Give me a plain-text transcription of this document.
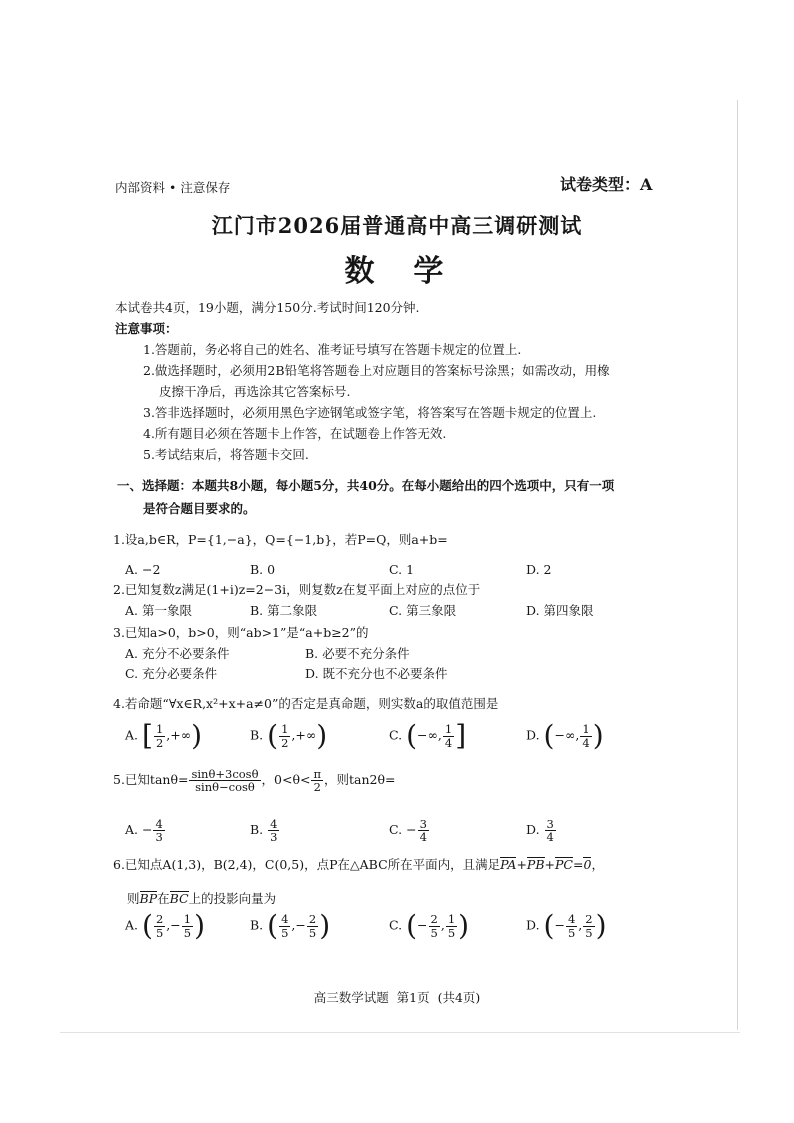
内部资料 • 注意保存	试卷类型：A
江门市2026届普通高中高三调研测试
数  学
本试卷共4页，19小题，满分150分.考试时间120分钟.
注意事项：
1.答题前，务必将自己的姓名、准考证号填写在答题卡规定的位置上.
2.做选择题时，必须用2B铅笔将答题卷上对应题目的答案标号涂黑；如需改动，用橡
皮擦干净后，再选涂其它答案标号.
3.答非选择题时，必须用黑色字迹钢笔或签字笔，将答案写在答题卡规定的位置上.
4.所有题目必须在答题卡上作答，在试题卷上作答无效.
5.考试结束后，将答题卡交回.
一、选择题：本题共8小题，每小题5分，共40分。在每小题给出的四个选项中，只有一项
是符合题目要求的。
1.设a,b∈R，P={1,−a}，Q={−1,b}，若P=Q，则a+b=
A. −2	B. 0	C. 1	D. 2
2.已知复数z满足(1+i)z=2−3i，则复数z在复平面上对应的点位于
A. 第一象限	B. 第二象限	C. 第三象限	D. 第四象限
3.已知a>0，b>0，则“ab>1”是“a+b≥2”的
A. 充分不必要条件	B. 必要不充分条件
C. 充分必要条件	D. 既不充分也不必要条件
4.若命题“∀x∈R,x²+x+a≠0”的否定是真命题，则实数a的取值范围是
A. [ $\frac{1}{2}$ ,+∞)	B. ( $\frac{1}{2}$ ,+∞)	C. (−∞, $\frac{1}{4}$ ]	D. (−∞, $\frac{1}{4}$ )
5.已知$\tan\theta= \frac{\sin\theta+3\cos\theta}{\sin\theta-\cos\theta}$ ，$0<\theta< \frac{\pi}{2}$ ，则tan2θ=
A. − $\frac{4}{3}$	B. $\frac{4}{3}$	C. − $\frac{3}{4}$	D. $\frac{3}{4}$
6.已知点A(1,3)，B(2,4)，C(0,5)，点P在△ABC所在平面内，且满足PA+PB+PC=0，
则BP在BC上的投影向量为
A. ( $\frac{2}{5}$ ,− $\frac{1}{5}$ )	B. ( $\frac{4}{5}$ ,− $\frac{2}{5}$ )	C. (− $\frac{2}{5}$ , $\frac{1}{5}$ )	D. (− $\frac{4}{5}$ , $\frac{2}{5}$ )
高三数学试题  第1页  (共4页)
